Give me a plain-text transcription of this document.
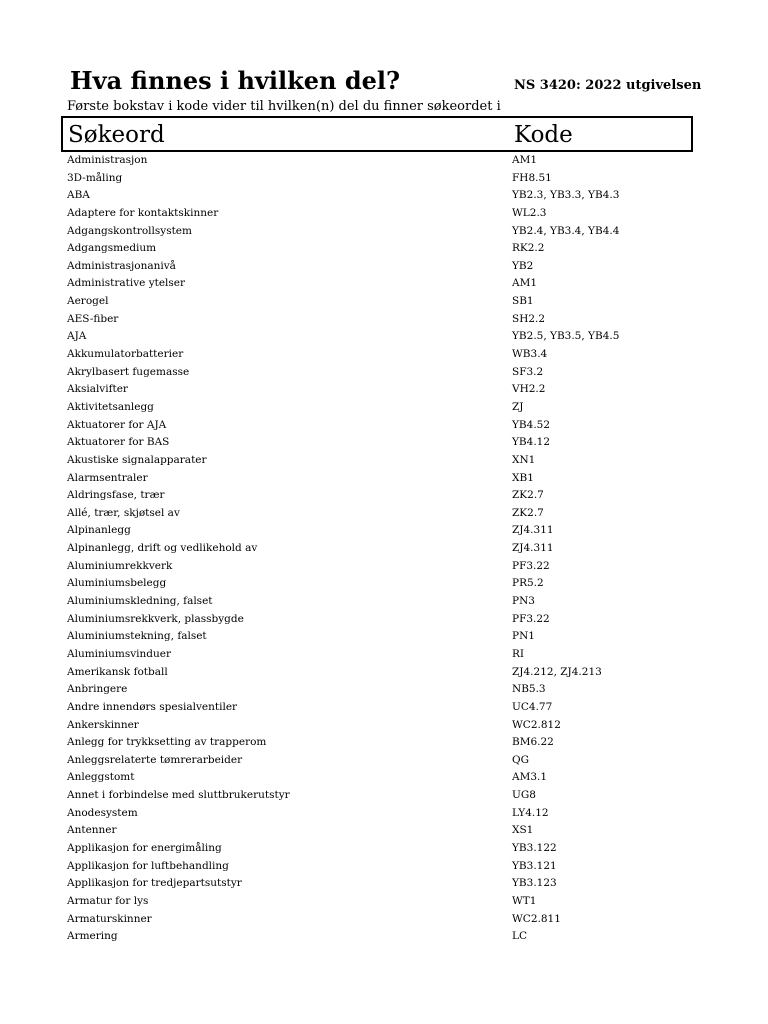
Hva finnes i hvilken del?	NS 3420: 2022 utgivelsen
Første bokstav i kode vider til hvilken(n) del du finner søkeordet i
Søkeord	Kode
Administrasjon	AM1
3D-måling	FH8.51
ABA	YB2.3, YB3.3, YB4.3
Adaptere for kontaktskinner	WL2.3
Adgangskontrollsystem	YB2.4, YB3.4, YB4.4
Adgangsmedium	RK2.2
Administrasjonanivå	YB2
Administrative ytelser	AM1
Aerogel	SB1
AES-fiber	SH2.2
AJA	YB2.5, YB3.5, YB4.5
Akkumulatorbatterier	WB3.4
Akrylbasert fugemasse	SF3.2
Aksialvifter	VH2.2
Aktivitetsanlegg	ZJ
Aktuatorer for AJA	YB4.52
Aktuatorer for BAS	YB4.12
Akustiske signalapparater	XN1
Alarmsentraler	XB1
Aldringsfase, trær	ZK2.7
Allé, trær, skjøtsel av	ZK2.7
Alpinanlegg	ZJ4.311
Alpinanlegg, drift og vedlikehold av	ZJ4.311
Aluminiumrekkverk	PF3.22
Aluminiumsbelegg	PR5.2
Aluminiumskledning, falset	PN3
Aluminiumsrekkverk, plassbygde	PF3.22
Aluminiumstekning, falset	PN1
Aluminiumsvinduer	RI
Amerikansk fotball	ZJ4.212, ZJ4.213
Anbringere	NB5.3
Andre innendørs spesialventiler	UC4.77
Ankerskinner	WC2.812
Anlegg for trykksetting av trapperom	BM6.22
Anleggsrelaterte tømrerarbeider	QG
Anleggstomt	AM3.1
Annet i forbindelse med sluttbrukerutstyr	UG8
Anodesystem	LY4.12
Antenner	XS1
Applikasjon for energimåling	YB3.122
Applikasjon for luftbehandling	YB3.121
Applikasjon for tredjepartsutstyr	YB3.123
Armatur for lys	WT1
Armaturskinner	WC2.811
Armering	LC
